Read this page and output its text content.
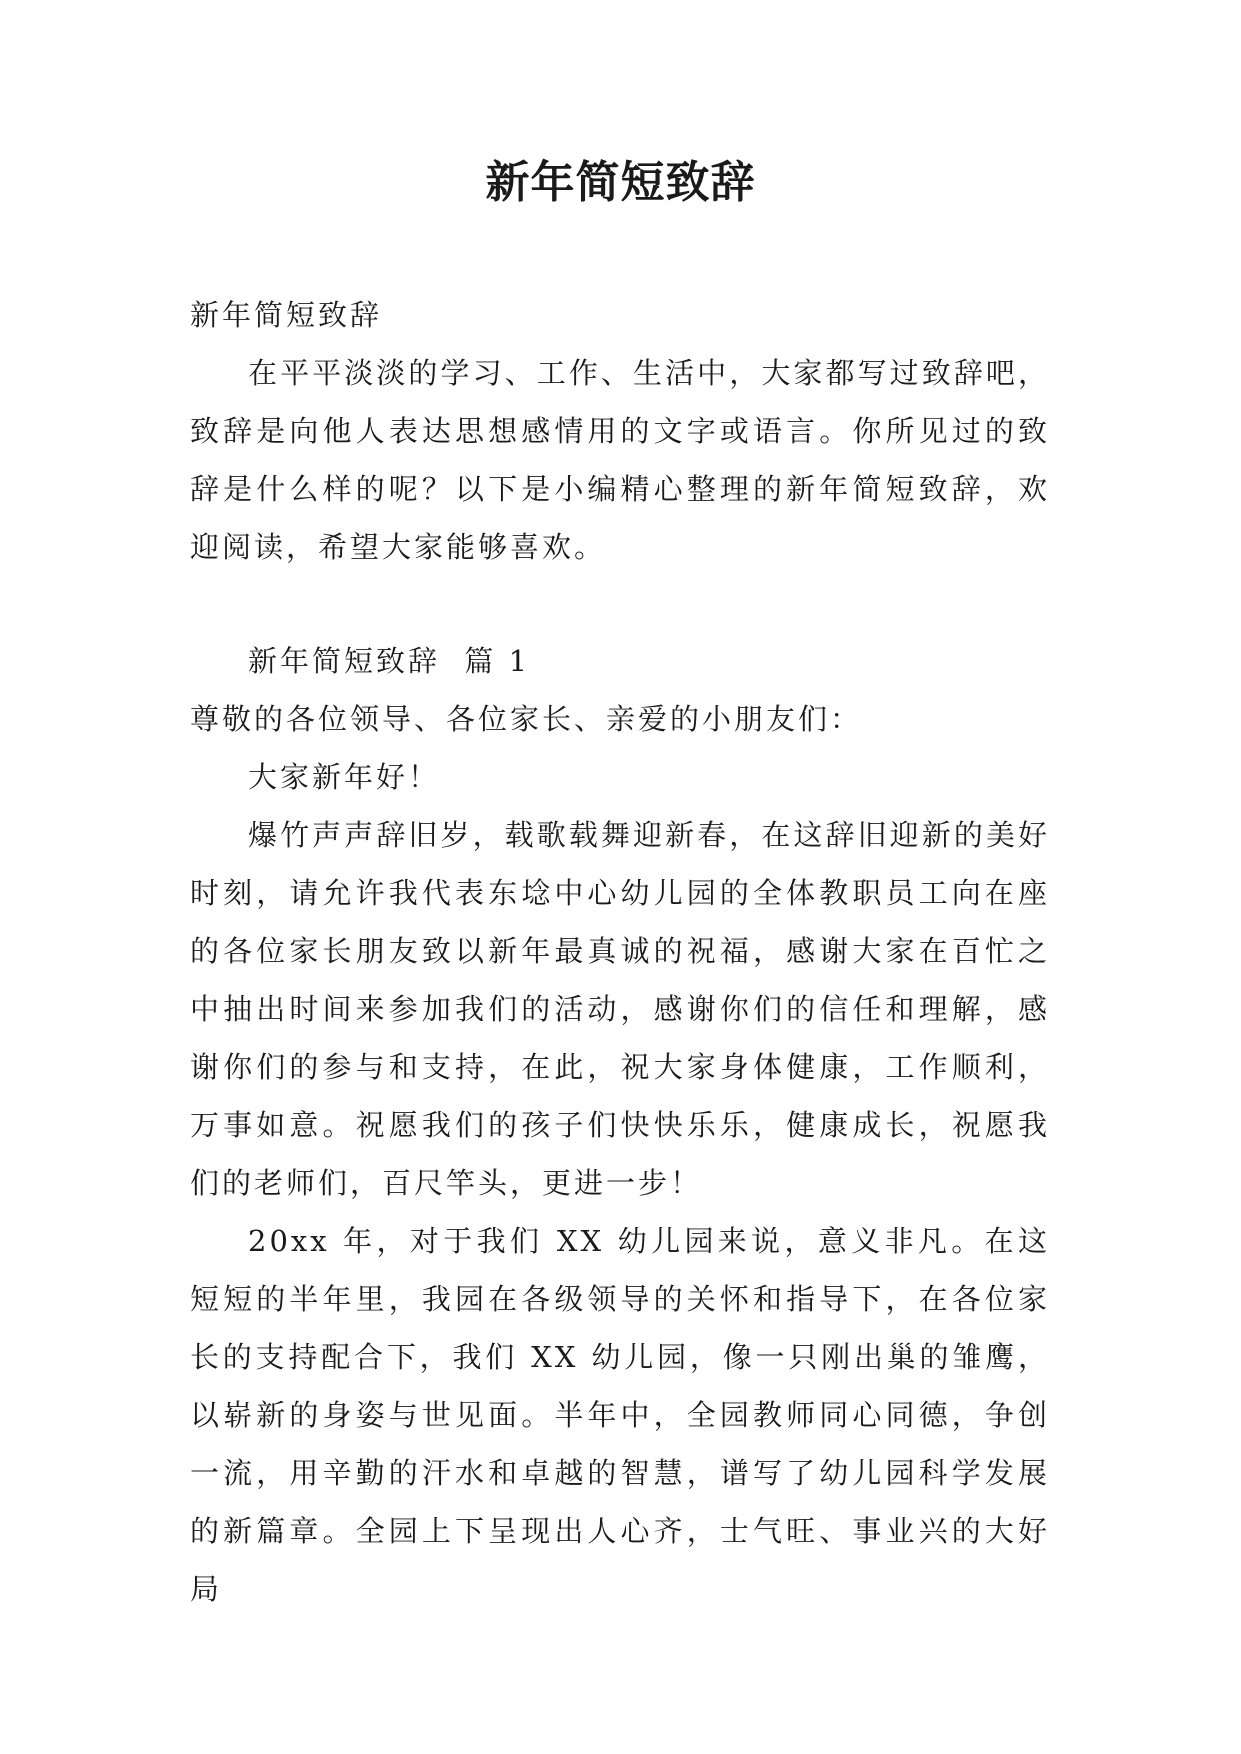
新年简短致辞

新年简短致辞

在平平淡淡的学习、工作、生活中，大家都写过致辞吧，致辞是向他人表达思想感情用的文字或语言。你所见过的致辞是什么样的呢？以下是小编精心整理的新年简短致辞，欢迎阅读，希望大家能够喜欢。

新年简短致辞  篇 1

尊敬的各位领导、各位家长、亲爱的小朋友们：

大家新年好！

爆竹声声辞旧岁，载歌载舞迎新春，在这辞旧迎新的美好时刻，请允许我代表东埝中心幼儿园的全体教职员工向在座的各位家长朋友致以新年最真诚的祝福，感谢大家在百忙之中抽出时间来参加我们的活动，感谢你们的信任和理解，感谢你们的参与和支持，在此，祝大家身体健康，工作顺利，万事如意。祝愿我们的孩子们快快乐乐，健康成长，祝愿我们的老师们，百尺竿头，更进一步！

20xx 年，对于我们 XX 幼儿园来说，意义非凡。在这短短的半年里，我园在各级领导的关怀和指导下，在各位家长的支持配合下，我们 XX 幼儿园，像一只刚出巢的雏鹰，以崭新的身姿与世见面。半年中，全园教师同心同德，争创一流，用辛勤的汗水和卓越的智慧，谱写了幼儿园科学发展的新篇章。全园上下呈现出人心齐，士气旺、事业兴的大好局
